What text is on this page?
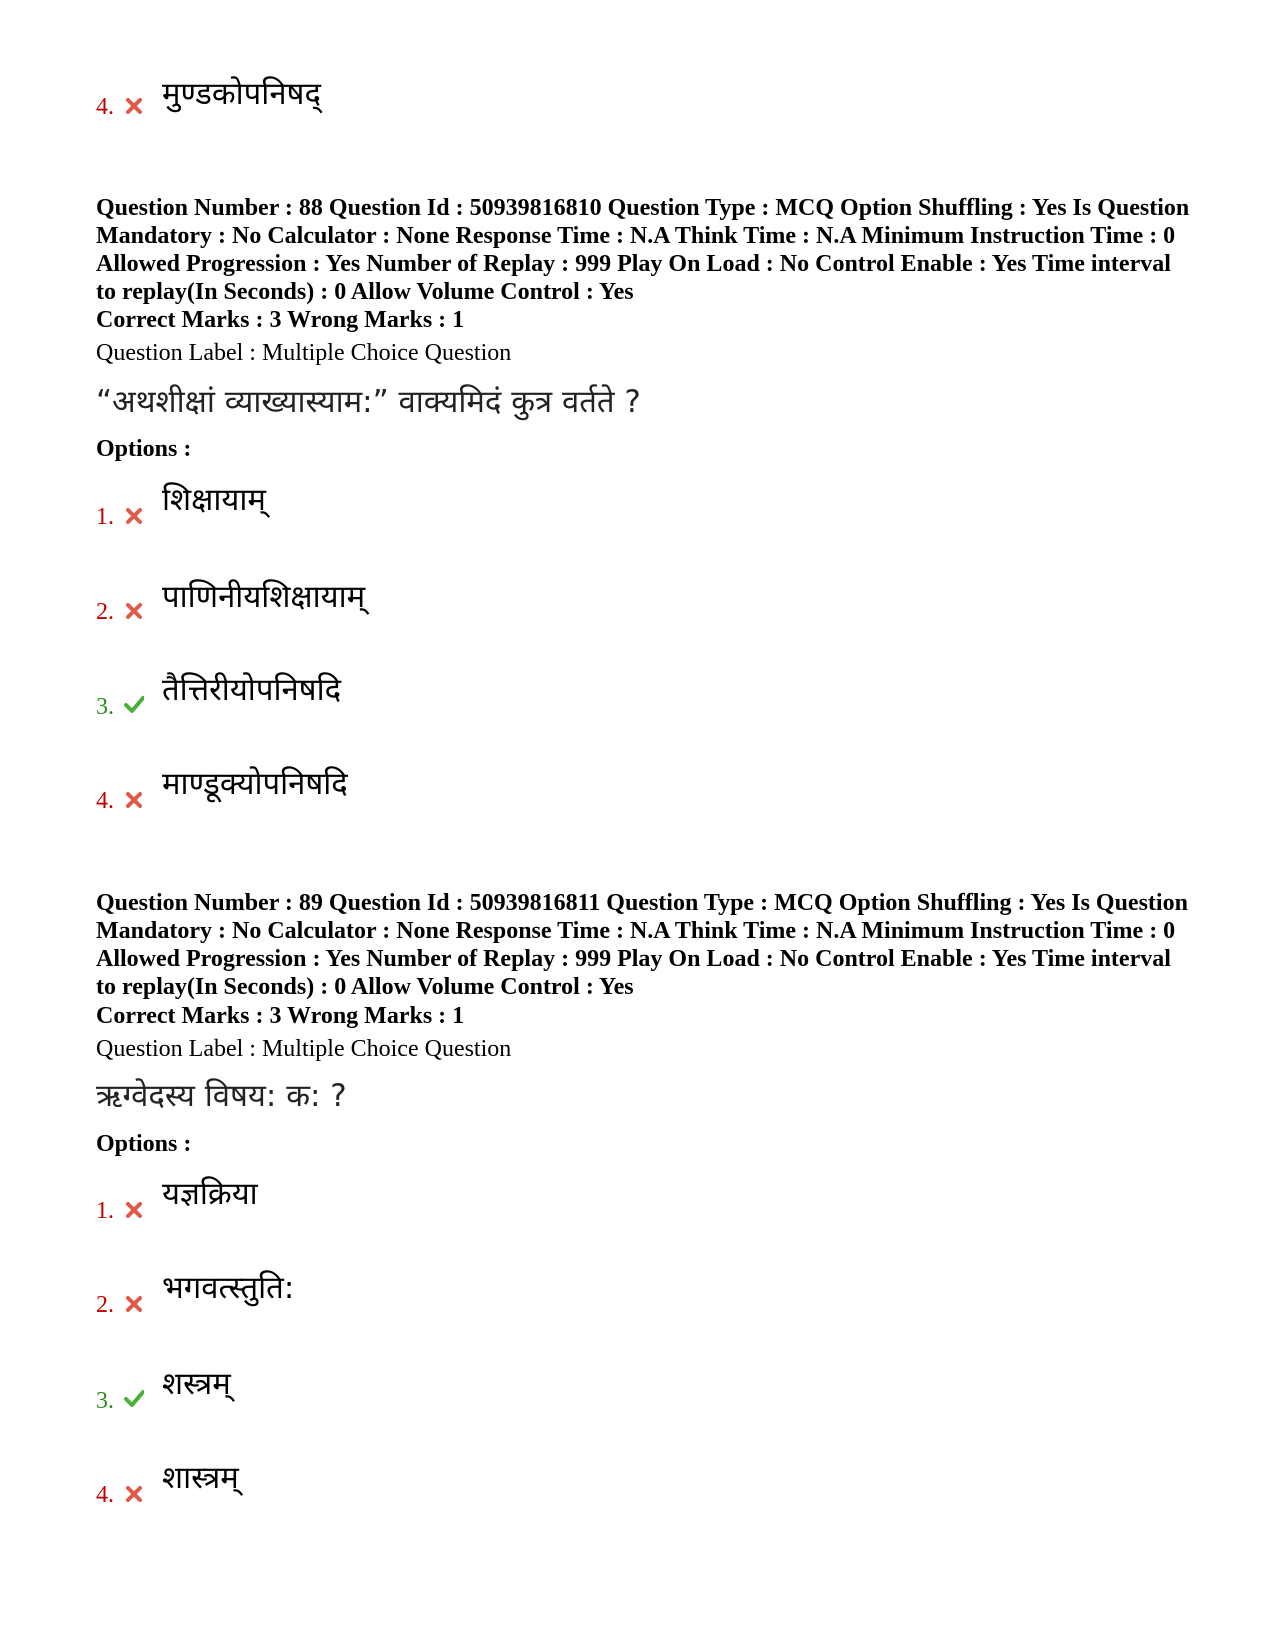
4. मुण्डकोपनिषद्
Question Number : 88 Question Id : 50939816810 Question Type : MCQ Option Shuffling : Yes Is Question Mandatory : No Calculator : None Response Time : N.A Think Time : N.A Minimum Instruction Time : 0 Allowed Progression : Yes Number of Replay : 999 Play On Load : No Control Enable : Yes Time interval to replay(In Seconds) : 0 Allow Volume Control : Yes
Correct Marks : 3 Wrong Marks : 1
Question Label : Multiple Choice Question
“अथशीक्षां व्याख्यास्याम:” वाक्यमिदं कुत्र वर्तते ?
Options :
1. शिक्षायाम्
2. पाणिनीयशिक्षायाम्
3. तैत्तिरीयोपनिषदि
4. माण्डूक्योपनिषदि
Question Number : 89 Question Id : 50939816811 Question Type : MCQ Option Shuffling : Yes Is Question Mandatory : No Calculator : None Response Time : N.A Think Time : N.A Minimum Instruction Time : 0 Allowed Progression : Yes Number of Replay : 999 Play On Load : No Control Enable : Yes Time interval to replay(In Seconds) : 0 Allow Volume Control : Yes
Correct Marks : 3 Wrong Marks : 1
Question Label : Multiple Choice Question
ऋग्वेदस्य विषय: क: ?
Options :
1. यज्ञक्रिया
2. भगवत्स्तुति:
3. शस्त्रम्
4. शास्त्रम्
